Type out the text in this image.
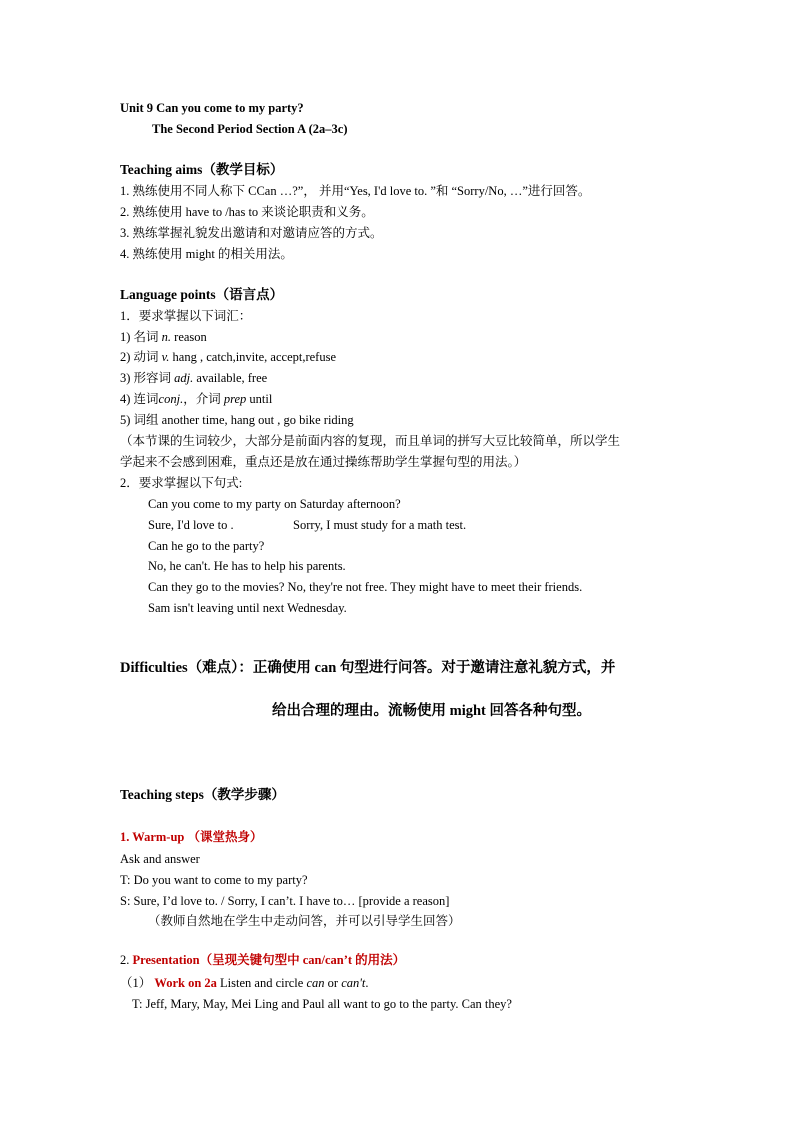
Unit 9 Can you come to my party?
The Second Period Section A (2a–3c)
Teaching aims（教学目标）
1. 熟练使用不同人称下 CCan …?”， 并用“Yes, I'd love to. ”和 “Sorry/No, …”进行回答。
2. 熟练使用 have to /has to 来谈论职责和义务。
3. 熟练掌握礼貌发出邀请和对邀请应答的方式。
4. 熟练使用 might 的相关用法。
Language points（语言点）
1．要求掌握以下词汇：
1) 名词 n. reason
2) 动词 v. hang , catch,invite, accept,refuse
3) 形容词 adj. available, free
4) 连词conj.，介词 prep until
5) 词组 another time, hang out , go bike riding
（本节课的生词较少，大部分是前面内容的复现，而且单词的拼写大豆比较简单，所以学生
学起来不会感到困难，重点还是放在通过操练帮助学生掌握句型的用法。）
2．要求掌握以下句式:
Can you come to my party on Saturday afternoon?
Sure, I'd love to .	Sorry, I must study for a math test.
Can he go to the party?
No, he can't. He has to help his parents.
Can they go to the movies? No, they're not free. They might have to meet their friends.
Sam isn't leaving until next Wednesday.
Difficulties（难点）：正确使用 can 句型进行问答。对于邀请注意礼貌方式，并
给出合理的理由。流畅使用 might 回答各种句型。
Teaching steps（教学步骤）
1. Warm-up （课堂热身）
Ask and answer
T: Do you want to come to my party?
S: Sure, I’d love to. / Sorry, I can’t. I have to… [provide a reason]
（教师自然地在学生中走动问答，并可以引导学生回答）
2. Presentation（呈现关键句型中 can/can’t 的用法）
（1） Work on 2a Listen and circle can or can't.
T: Jeff, Mary, May, Mei Ling and Paul all want to go to the party. Can they?
